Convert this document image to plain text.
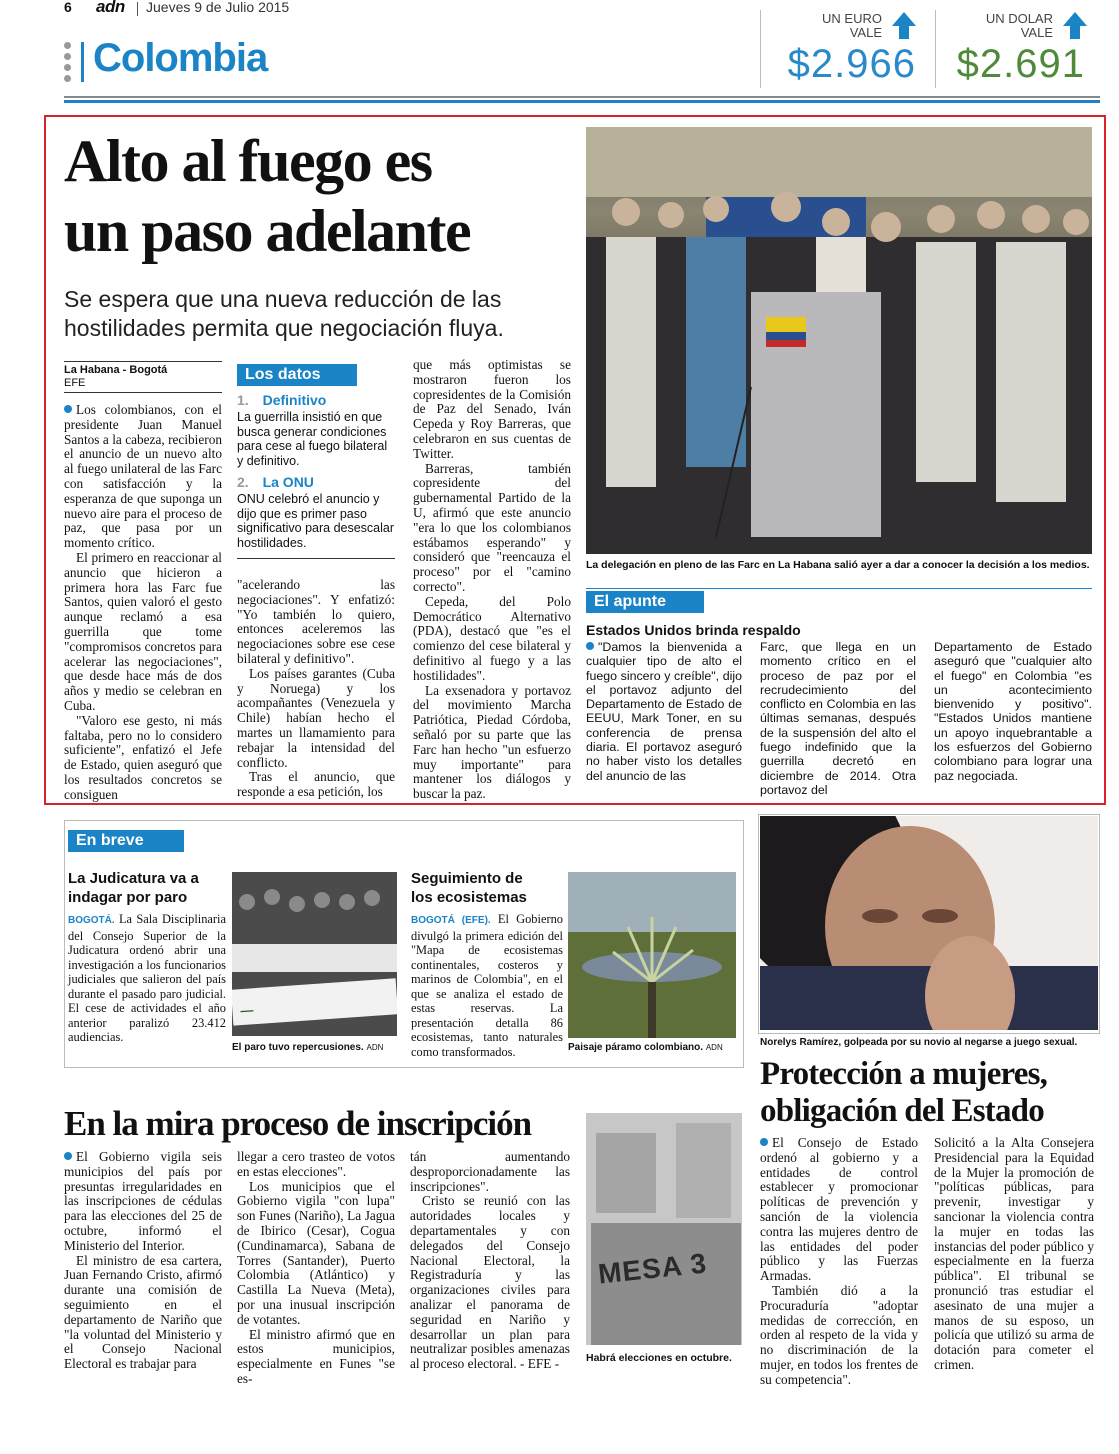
6 adn Jueves 9 de Julio 2015
Colombia
UN EURO
VALE
$2.966
UN DOLAR
VALE
$2.691
Alto al fuego es
un paso adelante
Se espera que una nueva reducción de las
hostilidades permita que negociación fluya.
La Habana - Bogotá
EFE

Los colombianos, con el presidente Juan Manuel Santos a la cabeza, recibieron el anuncio de un nuevo alto al fuego unilateral de las Farc con satisfacción y la esperanza de que suponga un nuevo aire para el proceso de paz, que pasa por un momento crítico.

El primero en reaccionar al anuncio que hicieron a primera hora las Farc fue Santos, quien valoró el gesto aunque reclamó a esa guerrilla que tome "compromisos concretos para acelerar las negociaciones", que desde hace más de dos años y medio se celebran en Cuba.

"Valoro ese gesto, ni más faltaba, pero no lo considero suficiente", enfatizó el Jefe de Estado, quien aseguró que los resultados concretos se consiguen

Los datos
1. Definitivo
La guerrilla insistió en que busca generar condiciones para cese al fuego bilateral y definitivo.
2. La ONU
ONU celebró el anuncio y dijo que es primer paso significativo para desescalar hostilidades.

"acelerando las negociaciones". Y enfatizó: "Yo también lo quiero, entonces aceleremos las negociaciones sobre ese cese bilateral y definitivo".

Los países garantes (Cuba y Noruega) y los acompañantes (Venezuela y Chile) habían hecho el martes un llamamiento para rebajar la intensidad del conflicto.

Tras el anuncio, que responde a esa petición, los

que más optimistas se mostraron fueron los copresidentes de la Comisión de Paz del Senado, Iván Cepeda y Roy Barreras, que celebraron en sus cuentas de Twitter.

Barreras, también copresidente del gubernamental Partido de la U, afirmó que este anuncio "era lo que los colombianos estábamos esperando" y consideró que "reencauza el proceso" por el "camino correcto".

Cepeda, del Polo Democrático Alternativo (PDA), destacó que "es el comienzo del cese bilateral y definitivo al fuego y a las hostilidades".

La exsenadora y portavoz del movimiento Marcha Patriótica, Piedad Córdoba, señaló por su parte que las Farc han hecho "un esfuerzo muy importante" para mantener los diálogos y buscar la paz.

La delegación en pleno de las Farc en La Habana salió ayer a dar a conocer la decisión a los medios.
El apunte
Estados Unidos brinda respaldo
"Damos la bienvenida a cualquier tipo de alto el fuego sincero y creíble", dijo el portavoz adjunto del Departamento de Estado de EEUU, Mark Toner, en su conferencia de prensa diaria. El portavoz aseguró no haber visto los detalles del anuncio de las
Farc, que llega en un momento crítico en el proceso de paz por el recrudecimiento del conflicto en Colombia en las últimas semanas, después de la suspensión del alto el fuego indefinido que la guerrilla decretó en diciembre de 2014. Otra portavoz del
Departamento de Estado aseguró que "cualquier alto el fuego" en Colombia "es un acontecimiento bienvenido y positivo". "Estados Unidos mantiene un apoyo inquebrantable a los esfuerzos del Gobierno colombiano para lograr una paz negociada.
En breve
La Judicatura va a
indagar por paro
BOGOTÁ. La Sala Disciplinaria del Consejo Superior de la Judicatura ordenó abrir una investigación a los funcionarios judiciales que salieron del país durante el pasado paro judicial. El cese de actividades el año anterior paralizó 23.412 audiencias.
—
El paro tuvo repercusiones. ADN
Seguimiento de
los ecosistemas
BOGOTÁ (EFE). El Gobierno divulgó la primera edición del "Mapa de ecosistemas continentales, costeros y marinos de Colombia", en el que se analiza el estado de estas reservas. La presentación detalla 86 ecosistemas, tanto naturales como transformados.	Paisaje páramo colombiano. ADN
En la mira proceso de inscripción

El Gobierno vigila seis municipios del país por presuntas irregularidades en las inscripciones de cédulas para las elecciones del 25 de octubre, informó el Ministerio del Interior.

El ministro de esa cartera, Juan Fernando Cristo, afirmó durante una comisión de seguimiento en el departamento de Nariño que "la voluntad del Ministerio y el Consejo Nacional Electoral es trabajar para

llegar a cero trasteo de votos en estas elecciones".

Los municipios que el Gobierno vigila "con lupa" son Funes (Nariño), La Jagua de Ibirico (Cesar), Cogua (Cundinamarca), Sabana de Torres (Santander), Puerto Colombia (Atlántico) y Castilla La Nueva (Meta), por una inusual inscripción de votantes.

El ministro afirmó que en estos municipios, especialmente en Funes "se es-

tán aumentando desproporcionadamente las inscripciones".

Cristo se reunió con las autoridades locales y departamentales y con delegados del Consejo Nacional Electoral, la Registraduría y las organizaciones civiles para analizar el panorama de seguridad en Nariño y desarrollar un plan para neutralizar posibles amenazas al proceso electoral. - EFE -

MESA 3
Habrá elecciones en octubre.
Norelys Ramírez, golpeada por su novio al negarse a juego sexual.
Protección a mujeres,
obligación del Estado

El Consejo de Estado ordenó al gobierno y a entidades de control establecer y promocionar políticas de prevención y sanción de la violencia contra las mujeres dentro de las entidades del poder público y las Fuerzas Armadas.

También dió a la Procuraduría "adoptar medidas de corrección, en orden al respeto de la vida y no discriminación de la mujer, en todos los frentes de su competencia".

Solicitó a la Alta Consejera Presidencial para la Equidad de la Mujer la promoción de "políticas públicas, para prevenir, investigar y sancionar la violencia contra la mujer en todas las instancias del poder público y especialmente en la fuerza pública". El tribunal se pronunció tras estudiar el asesinato de una mujer a manos de su esposo, un policía que utilizó su arma de dotación para cometer el crimen.
